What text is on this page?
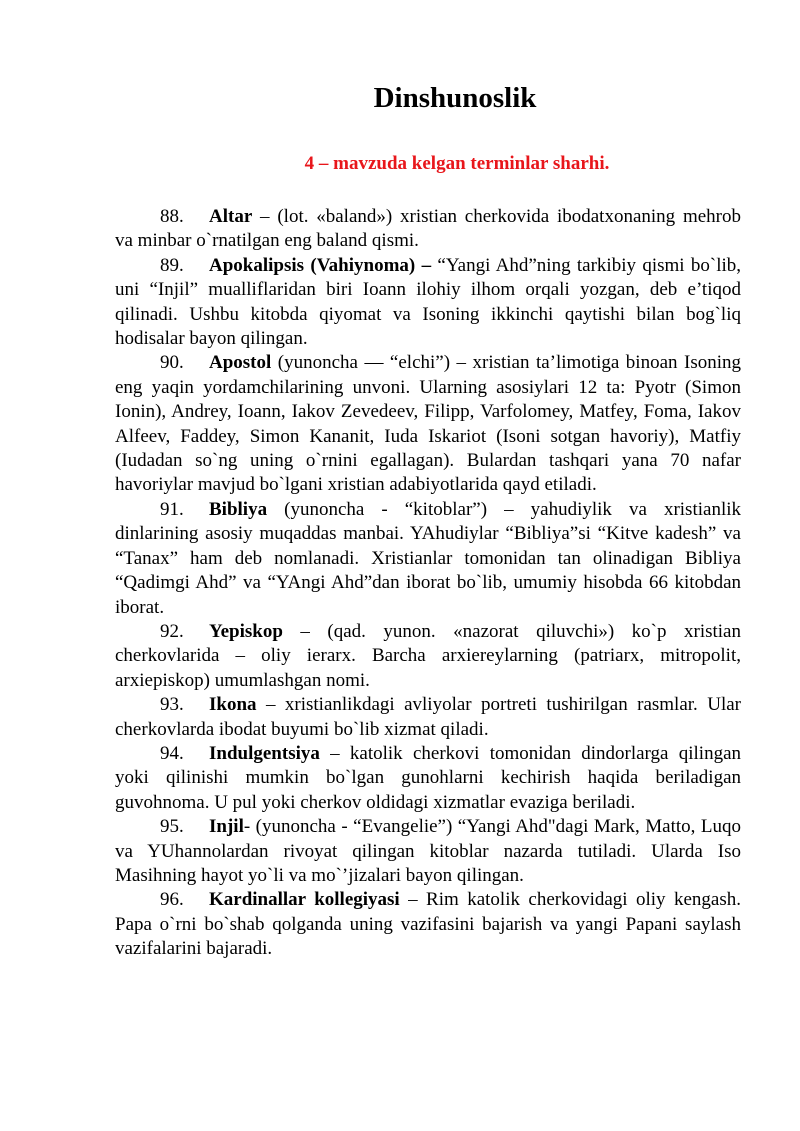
Dinshunoslik
4 – mavzuda kelgan terminlar sharhi.

88. Altar – (lot. «baland») xristian cherkovida ibodatxonaning mehrob va minbar o`rnatilgan eng baland qismi.

89. Apokalipsis (Vahiynoma) – “Yangi Ahd”ning tarkibiy qismi bo`lib, uni “Injil” mualliflaridan biri Ioann ilohiy ilhom orqali yozgan, deb e’tiqod qilinadi. Ushbu kitobda qiyomat va Isoning ikkinchi qaytishi bilan bog`liq hodisalar bayon qilingan.

90. Apostol (yunoncha — “elchi”) – xristian ta’limotiga binoan Isoning eng yaqin yordamchilarining unvoni. Ularning asosiylari 12 ta: Pyotr (Simon Ionin), Andrey, Ioann, Iakov Zevedeev, Filipp, Varfolomey, Matfey, Foma, Iakov Alfeev, Faddey, Simon Kananit, Iuda Iskariot (Isoni sotgan havoriy), Matfiy (Iudadan so`ng uning o`rnini egallagan). Bulardan tashqari yana 70 nafar havoriylar mavjud bo`lgani xristian adabiyotlarida qayd etiladi.

91. Bibliya (yunoncha - “kitoblar”) – yahudiylik va xristianlik dinlarining asosiy muqaddas manbai. YAhudiylar “Bibliya”si “Kitve kadesh” va “Tanax” ham deb nomlanadi. Xristianlar tomonidan tan olinadigan Bibliya “Qadimgi Ahd” va “YAngi Ahd”dan iborat bo`lib, umumiy hisobda 66 kitobdan iborat.

92. Yepiskop – (qad. yunon. «nazorat qiluvchi») ko`p xristian cherkovlarida – oliy ierarx. Barcha arxiereylarning (patriarx, mitropolit, arxiepiskop) umumlashgan nomi.

93. Ikona – xristianlikdagi avliyolar portreti tushirilgan rasmlar. Ular cherkovlarda ibodat buyumi bo`lib xizmat qiladi.

94. Indulgentsiya – katolik cherkovi tomonidan dindorlarga qilingan yoki qilinishi mumkin bo`lgan gunohlarni kechirish haqida beriladigan guvohnoma. U pul yoki cherkov oldidagi xizmatlar evaziga beriladi.

95. Injil- (yunoncha - “Evangelie”) “Yangi Ahd"dagi Mark, Matto, Luqo va YUhannolardan rivoyat qilingan kitoblar nazarda tutiladi. Ularda Iso Masihning hayot yo`li va mo`’jizalari bayon qilingan.

96. Kardinallar kollegiyasi – Rim katolik cherkovidagi oliy kengash. Papa o`rni bo`shab qolganda uning vazifasini bajarish va yangi Papani saylash vazifalarini bajaradi.
